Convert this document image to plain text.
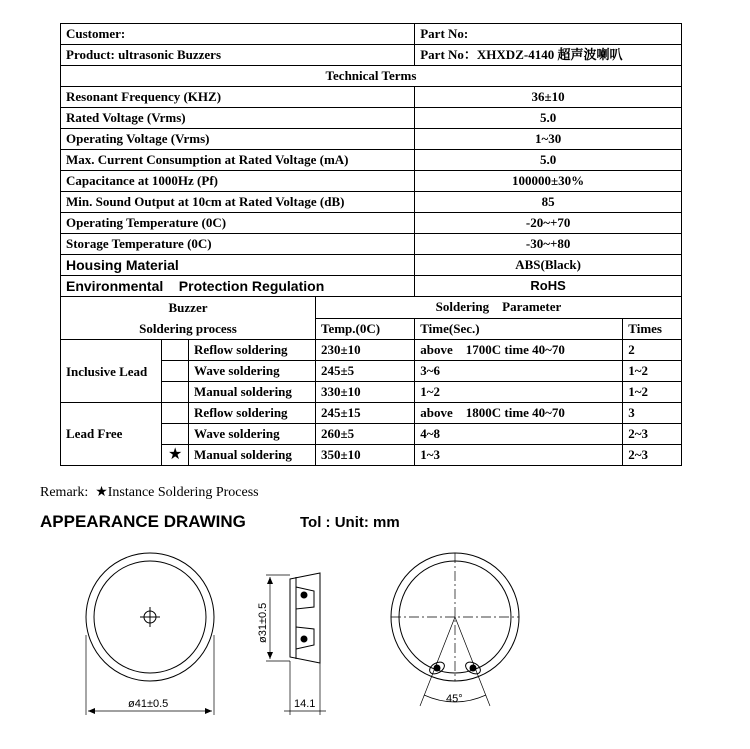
Customer:				Part No:	
Product: ultrasonic Buzzers				Part No：XHXDZ-4140 超声波喇叭	
Technical Terms					
Resonant Frequency (KHZ)				36±10	
Rated Voltage (Vrms)				5.0	
Operating Voltage (Vrms)				1~30	
Max. Current Consumption at Rated Voltage (mA)				5.0	
Capacitance at 1000Hz (Pf)				100000±30%	
Min. Sound Output at 10cm at Rated Voltage (dB)				85	
Operating Temperature (0C)				-20~+70	
Storage Temperature (0C)				-30~+80	
Housing Material				ABS(Black)	
Environmental    Protection Regulation				RoHS	

Buzzer
Soldering process			Soldering    Parameter		
			Temp.(0C)	Time(Sec.)	Times
Inclusive Lead		Reflow soldering	230±10	above    1700C time 40~70	2
		Wave soldering	245±5	3~6	1~2
		Manual soldering	330±10	1~2	1~2
Lead Free		Reflow soldering	245±15	above    1800C time 40~70	3
		Wave soldering	260±5	4~8	2~3
	★	Manual soldering	350±10	1~3	2~3
Remark:  ★Instance Soldering Process
APPEARANCE DRAWING	Tol : Unit: mm
ø41±0.5
ø31±0.5
14.1	45°
